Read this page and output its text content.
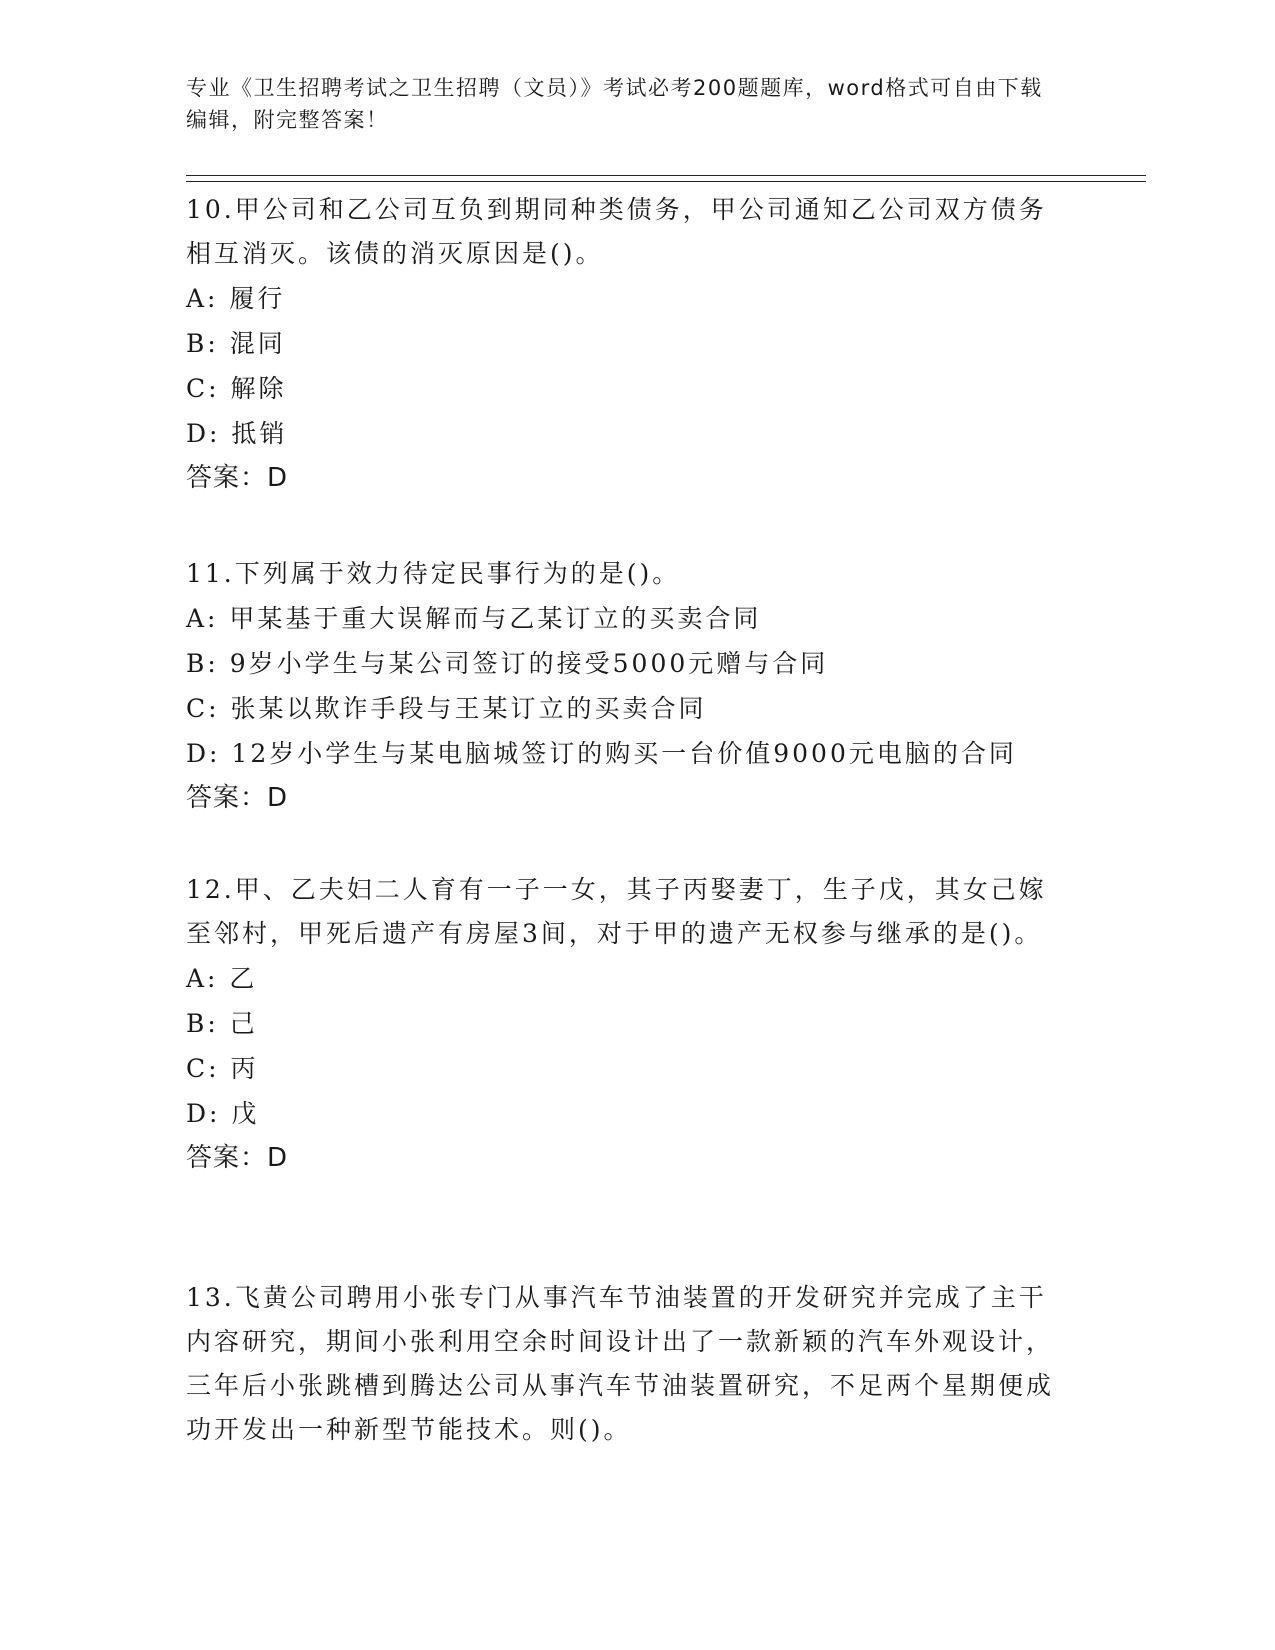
专业《卫生招聘考试之卫生招聘（文员）》考试必考200题题库，word格式可自由下载编辑，附完整答案！
10.甲公司和乙公司互负到期同种类债务，甲公司通知乙公司双方债务相互消灭。该债的消灭原因是()。
A: 履行
B: 混同
C: 解除
D: 抵销
答案：D
11.下列属于效力待定民事行为的是()。
A: 甲某基于重大误解而与乙某订立的买卖合同
B: 9岁小学生与某公司签订的接受5000元赠与合同
C: 张某以欺诈手段与王某订立的买卖合同
D: 12岁小学生与某电脑城签订的购买一台价值9000元电脑的合同
答案：D
12.甲、乙夫妇二人育有一子一女，其子丙娶妻丁，生子戊，其女己嫁至邻村，甲死后遗产有房屋3间，对于甲的遗产无权参与继承的是()。
A: 乙
B: 己
C: 丙
D: 戊
答案：D
13.飞黄公司聘用小张专门从事汽车节油装置的开发研究并完成了主干内容研究，期间小张利用空余时间设计出了一款新颖的汽车外观设计，三年后小张跳槽到腾达公司从事汽车节油装置研究，不足两个星期便成功开发出一种新型节能技术。则()。
